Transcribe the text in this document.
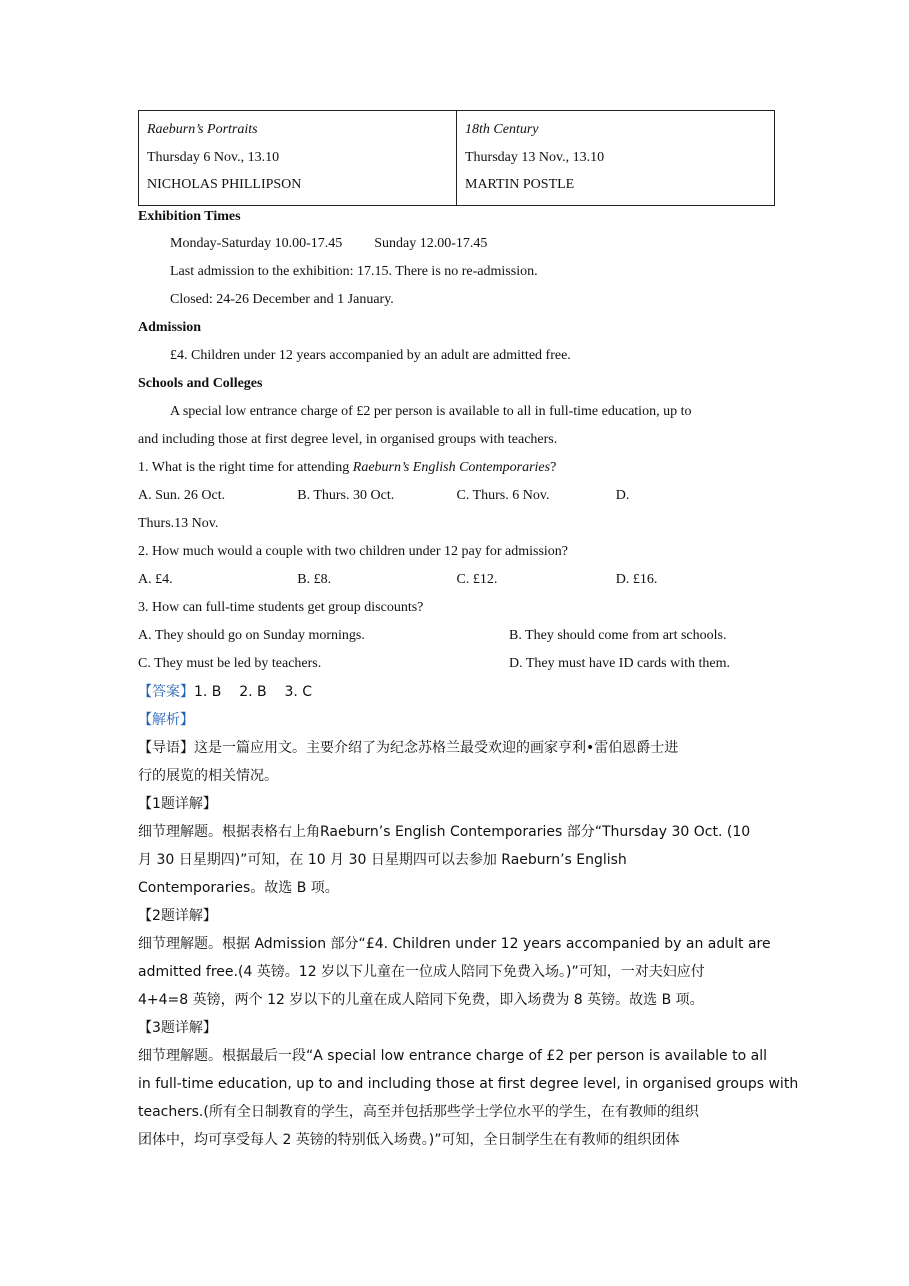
Raeburn’s Portraits
Thursday 6 Nov., 13.10
NICHOLAS PHILLIPSON

18th Century
Thursday 13 Nov., 13.10
MARTIN POSTLE
Exhibition Times
Monday-Saturday 10.00-17.45 Sunday 12.00-17.45
Last admission to the exhibition: 17.15. There is no re-admission.
Closed: 24-26 December and 1 January.
Admission
£4. Children under 12 years accompanied by an adult are admitted free.
Schools and Colleges
A special low entrance charge of £2 per person is available to all in full-time education, up to
and including those at first degree level, in organised groups with teachers.
1. What is the right time for attending Raeburn’s English Contemporaries?
A. Sun. 26 Oct.	B. Thurs. 30 Oct.	C. Thurs. 6 Nov.	D.
Thurs.13 Nov.
2. How much would a couple with two children under 12 pay for admission?
A. £4.	B. £8.	C. £12.	D. £16.
3. How can full-time students get group discounts?
A. They should go on Sunday mornings.	B. They should come from art schools.
C. They must be led by teachers.	D. They must have ID cards with them.
【答案】1. B 2. B 3. C
【解析】
【导语】这是一篇应用文。主要介绍了为纪念苏格兰最受欢迎的画家亨利•雷伯恩爵士进
行的展览的相关情况。
【1题详解】
细节理解题。根据表格右上角Raeburn’s English Contemporaries 部分“Thursday 30 Oct. (10
月 30 日星期四)”可知，在 10 月 30 日星期四可以去参加 Raeburn’s English
Contemporaries。故选 B 项。
【2题详解】
细节理解题。根据 Admission 部分“£4. Children under 12 years accompanied by an adult are
admitted free.(4 英镑。12 岁以下儿童在一位成人陪同下免费入场。)”可知，一对夫妇应付
4+4=8 英镑，两个 12 岁以下的儿童在成人陪同下免费，即入场费为 8 英镑。故选 B 项。
【3题详解】
细节理解题。根据最后一段“A special low entrance charge of £2 per person is available to all
in full-time education, up to and including those at first degree level, in organised groups with
teachers.(所有全日制教育的学生，高至并包括那些学士学位水平的学生，在有教师的组织
团体中，均可享受每人 2 英镑的特别低入场费。)”可知，全日制学生在有教师的组织团体
